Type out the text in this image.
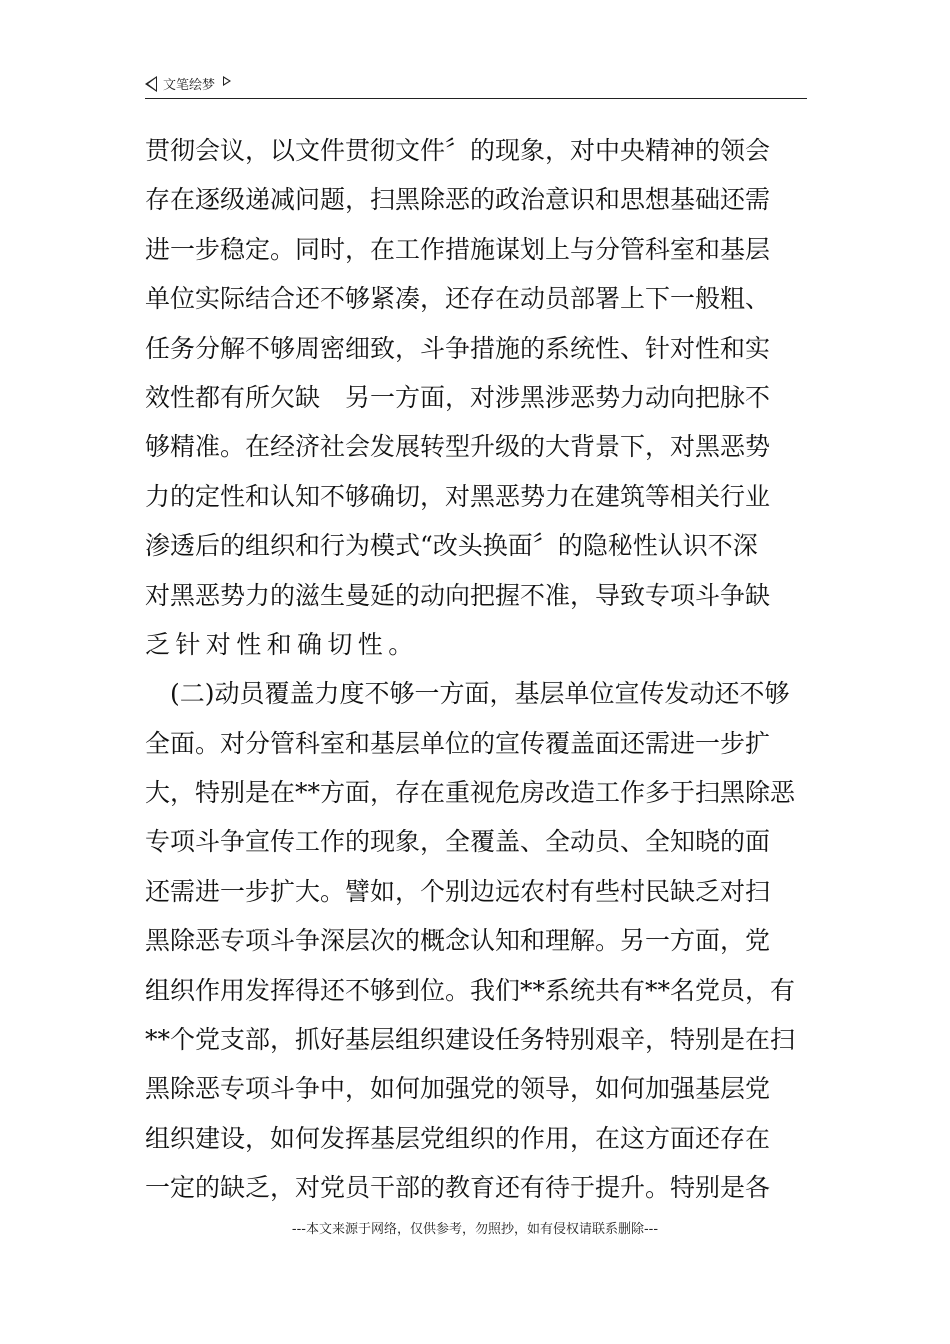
文笔绘梦
贯彻会议，以文件贯彻文件〞的现象，对中央精神的领会
存在逐级递减问题，扫黑除恶的政治意识和思想基础还需
进一步稳定。同时，在工作措施谋划上与分管科室和基层
单位实际结合还不够紧凑，还存在动员部署上下一般粗、
任务分解不够周密细致，斗争措施的系统性、针对性和实
效性都有所欠缺　另一方面，对涉黑涉恶势力动向把脉不
够精准。在经济社会发展转型升级的大背景下，对黑恶势
力的定性和认知不够确切，对黑恶势力在建筑等相关行业
渗透后的组织和行为模式“改头换面〞的隐秘性认识不深
对黑恶势力的滋生曼延的动向把握不准，导致专项斗争缺
乏针对性和确切性。
(二)动员覆盖力度不够一方面，基层单位宣传发动还不够
全面。对分管科室和基层单位的宣传覆盖面还需进一步扩
大，特别是在**方面，存在重视危房改造工作多于扫黑除恶
专项斗争宣传工作的现象，全覆盖、全动员、全知晓的面
还需进一步扩大。譬如，个别边远农村有些村民缺乏对扫
黑除恶专项斗争深层次的概念认知和理解。另一方面，党
组织作用发挥得还不够到位。我们**系统共有**名党员，有
**个党支部，抓好基层组织建设任务特别艰辛，特别是在扫
黑除恶专项斗争中，如何加强党的领导，如何加强基层党
组织建设，如何发挥基层党组织的作用，在这方面还存在
一定的缺乏，对党员干部的教育还有待于提升。特别是各
---本文来源于网络，仅供参考，勿照抄，如有侵权请联系删除---
